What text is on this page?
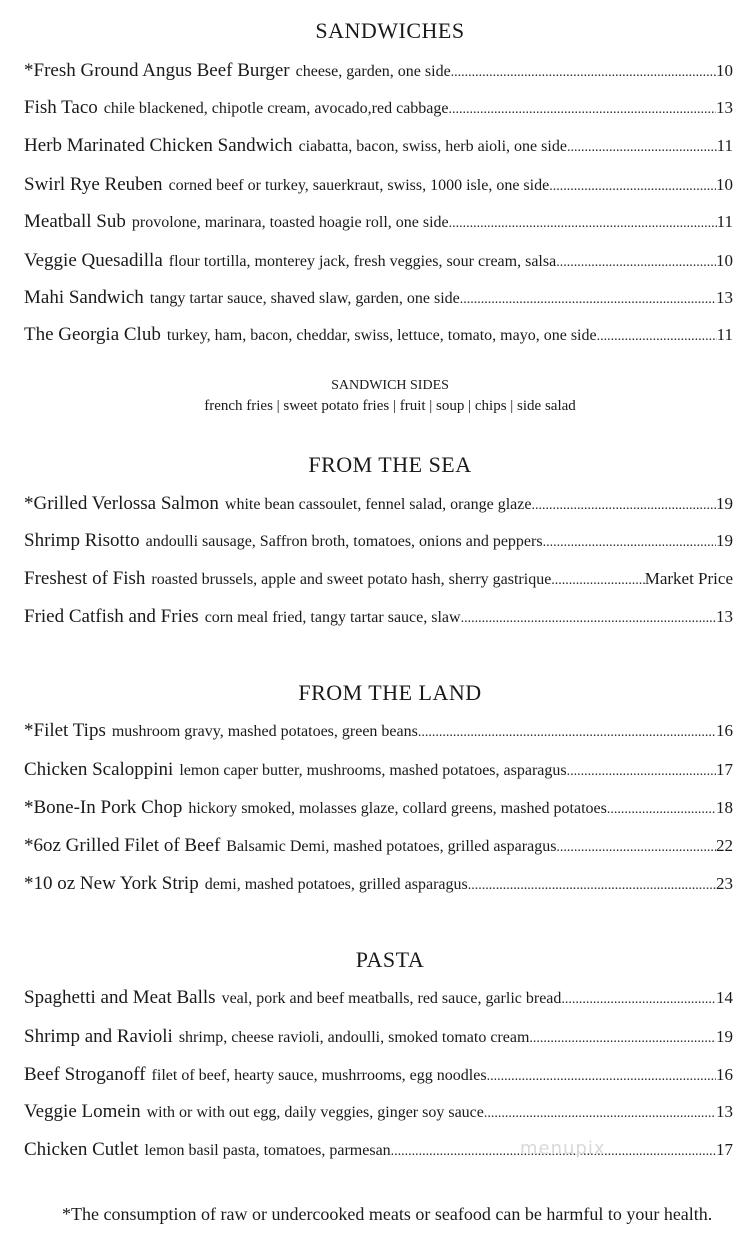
SANDWICHES
*Fresh Ground Angus Beef Burger cheese, garden, one side .....	10
Fish Taco chile blackened, chipotle cream, avocado,red cabbage .....	13
Herb Marinated Chicken Sandwich ciabatta, bacon, swiss, herb aioli, one side .....	11
Swirl Rye Reuben corned beef or turkey, sauerkraut, swiss, 1000 isle, one side .....	10
Meatball Sub provolone, marinara, toasted hoagie roll, one side .....	11
Veggie Quesadilla flour tortilla, monterey jack, fresh veggies, sour cream, salsa .....	10
Mahi Sandwich tangy tartar sauce, shaved slaw, garden, one side .....	13
The Georgia Club turkey, ham, bacon, cheddar, swiss, lettuce, tomato, mayo, one side .....	11
SANDWICH SIDES
french fries | sweet potato fries | fruit | soup | chips | side salad
FROM THE SEA
*Grilled Verlossa Salmon white bean cassoulet, fennel salad, orange glaze .....	19
Shrimp Risotto andoulli sausage, Saffron broth, tomatoes, onions and peppers .....	19
Freshest of Fish roasted brussels, apple and sweet potato hash, sherry gastrique .....	Market Price
Fried Catfish and Fries corn meal fried, tangy tartar sauce, slaw .....	13
FROM THE LAND
*Filet Tips mushroom gravy, mashed potatoes, green beans .....	16
Chicken Scaloppini lemon caper butter, mushrooms, mashed potatoes, asparagus .....	17
*Bone-In Pork Chop hickory smoked, molasses glaze, collard greens, mashed potatoes .....	18
*6oz Grilled Filet of Beef Balsamic Demi, mashed potatoes, grilled asparagus .....	22
*10 oz New York Strip demi, mashed potatoes, grilled asparagus .....	23
PASTA
Spaghetti and Meat Balls veal, pork and beef meatballs, red sauce, garlic bread .....	14
Shrimp and Ravioli shrimp, cheese ravioli, andoulli, smoked tomato cream .....	19
Beef Stroganoff filet of beef, hearty sauce, mushrrooms, egg noodles .....	16
Veggie Lomein with or with out egg, daily veggies, ginger soy sauce .....	13
Chicken Cutlet lemon basil pasta, tomatoes, parmesan .....	17
menupix
*The consumption of raw or undercooked meats or seafood can be harmful to your health.
